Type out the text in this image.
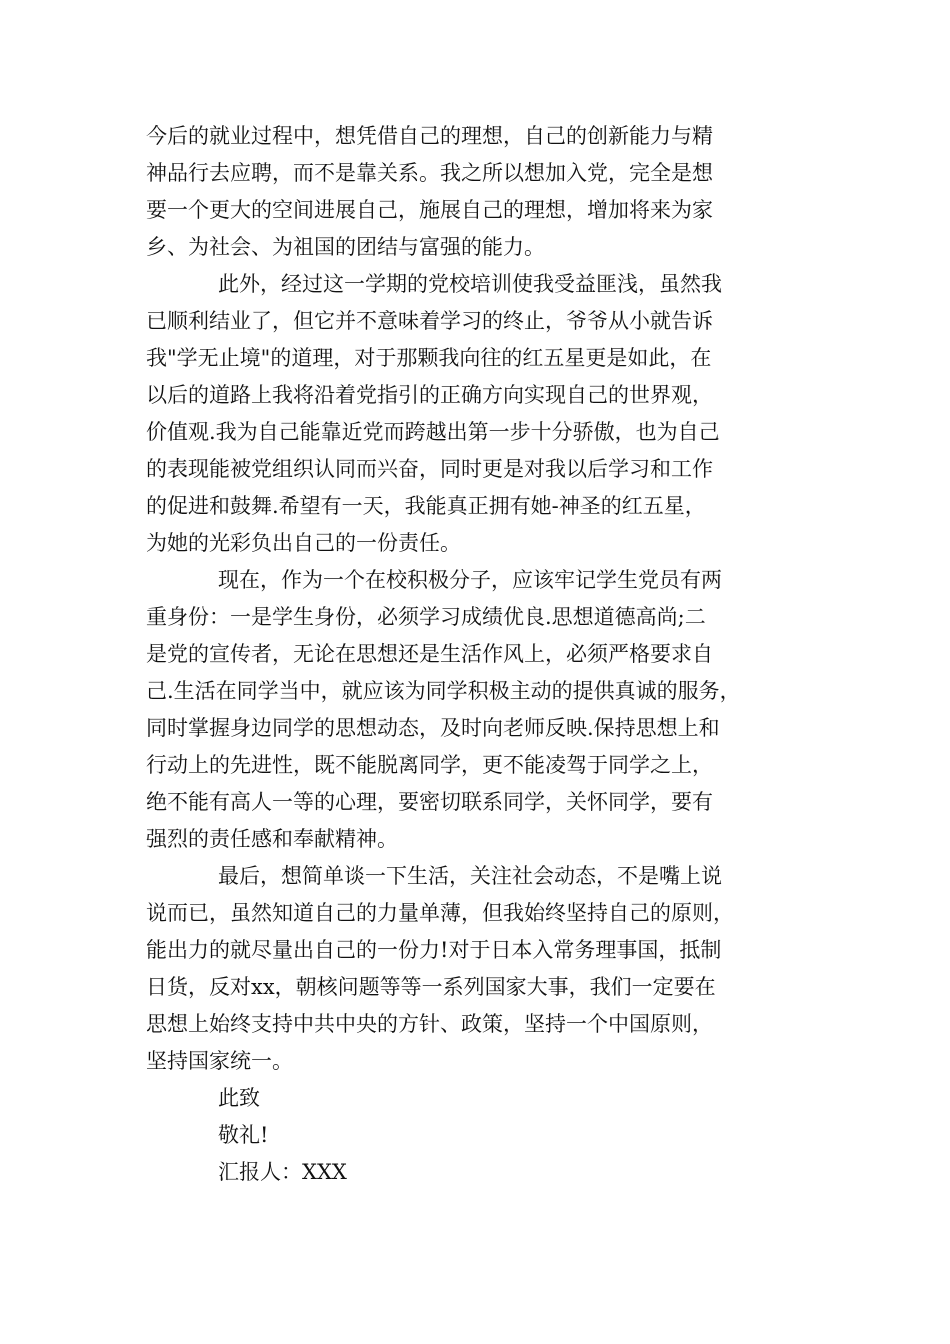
今后的就业过程中，想凭借自己的理想，自己的创新能力与精
神品行去应聘，而不是靠关系。我之所以想加入党，完全是想
要一个更大的空间进展自己，施展自己的理想，增加将来为家
乡、为社会、为祖国的团结与富强的能力。
此外，经过这一学期的党校培训使我受益匪浅，虽然我
已顺利结业了，但它并不意味着学习的终止，爷爷从小就告诉
我"学无止境"的道理，对于那颗我向往的红五星更是如此，在
以后的道路上我将沿着党指引的正确方向实现自己的世界观，
价值观.我为自己能靠近党而跨越出第一步十分骄傲，也为自己
的表现能被党组织认同而兴奋，同时更是对我以后学习和工作
的促进和鼓舞.希望有一天，我能真正拥有她-神圣的红五星，
为她的光彩负出自己的一份责任。
现在，作为一个在校积极分子，应该牢记学生党员有两
重身份：一是学生身份，必须学习成绩优良.思想道德高尚;二
是党的宣传者，无论在思想还是生活作风上，必须严格要求自
己.生活在同学当中，就应该为同学积极主动的提供真诚的服务，
同时掌握身边同学的思想动态，及时向老师反映.保持思想上和
行动上的先进性，既不能脱离同学，更不能凌驾于同学之上，
绝不能有高人一等的心理，要密切联系同学，关怀同学，要有
强烈的责任感和奉献精神。
最后，想简单谈一下生活，关注社会动态，不是嘴上说
说而已，虽然知道自己的力量单薄，但我始终坚持自己的原则，
能出力的就尽量出自己的一份力!对于日本入常务理事国，抵制
日货，反对xx，朝核问题等等一系列国家大事，我们一定要在
思想上始终支持中共中央的方针、政策，坚持一个中国原则，
坚持国家统一。
此致
敬礼!
汇报人：XXX
